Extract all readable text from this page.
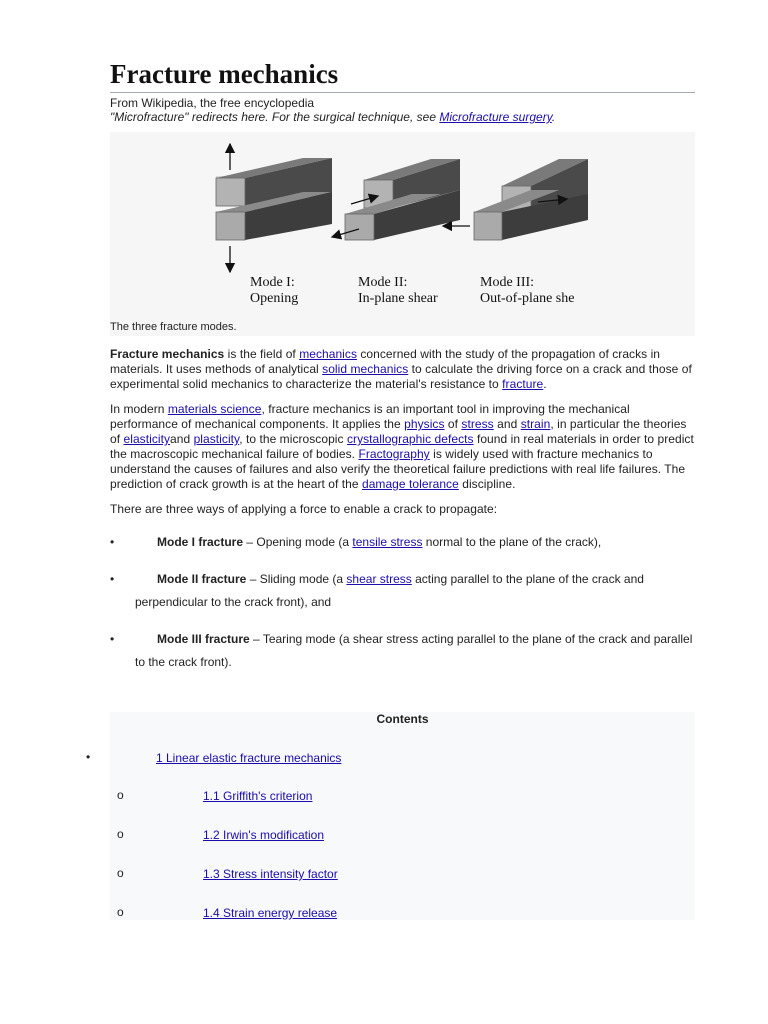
Fracture mechanics
From Wikipedia, the free encyclopedia
"Microfracture" redirects here. For the surgical technique, see Microfracture surgery.
Mode I:
Opening
Mode II:
In-plane shear
Mode III:
Out-of-plane she
The three fracture modes.

Fracture mechanics is the field of mechanics concerned with the study of the propagation of cracks in materials. It uses methods of analytical solid mechanics to calculate the driving force on a crack and those of experimental solid mechanics to characterize the material's resistance to fracture.

In modern materials science, fracture mechanics is an important tool in improving the mechanical performance of mechanical components. It applies the physics of stress and strain, in particular the theories of elasticityand plasticity, to the microscopic crystallographic defects found in real materials in order to predict the macroscopic mechanical failure of bodies. Fractography is widely used with fracture mechanics to understand the causes of failures and also verify the theoretical failure predictions with real life failures. The prediction of crack growth is at the heart of the damage tolerance discipline.

There are three ways of applying a force to enable a crack to propagate:

•	Mode I fracture – Opening mode (a tensile stress normal to the plane of the crack),
•	Mode II fracture – Sliding mode (a shear stress acting parallel to the plane of the crack and perpendicular to the crack front), and
•	Mode III fracture – Tearing mode (a shear stress acting parallel to the plane of the crack and parallel to the crack front).
Contents
•	1 Linear elastic fracture mechanics
o	1.1 Griffith's criterion
o	1.2 Irwin's modification
o	1.3 Stress intensity factor
o	1.4 Strain energy release
